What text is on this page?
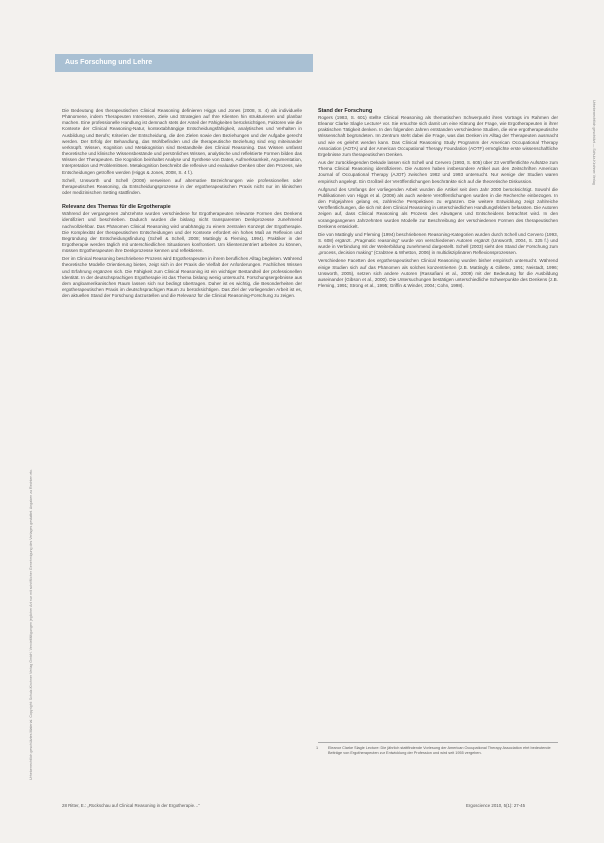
Urheberrechtlich geschütztes Material. Copyright: Schulz-Kirchner Verlag GmbH. Vervielfältigungen jeglicher Art nur mit schriftlicher Genehmigung des Verlages gestattet. Angaben zu Rechten etc.
Urheberrechtlich geschützt — Schulz-Kirchner Verlag
Aus Forschung und Lehre

Die Bedeutung des therapeutischen Clinical Reasoning definieren Higgs und Jones (2008, S. 4) als individuelle Phänomene, indem Therapeuten Interessen, Ziele und Strategien auf Ihre Klienten hin strukturieren und planbar machen. Eine professionelle Handlung ist demnach stets der Anteil der Fähigkeiten berücksichtigen, Faktoren wie die Kontexte der Clinical Reasoning-Natur, kontextabhängige Entscheidungsfähigkeit, analytisches und Verhalten in Ausbildung und Berufs; Kriterien der Entscheidung, die den Zielen sowie den Beziehungen und der Aufgabe gerecht werden. Der Erfolg der Behandlung, das Wohlbefinden und die therapeutische Beziehung sind eng miteinander verknüpft. Wissen, Kognition und Metakognition sind Bestandteile des Clinical Reasoning. Das Wissen umfasst theoretische und klinische Wissensbestände und persönliches Wissen, analytische und reflektierte Formen bilden das Wissen der Therapeuten. Die Kognition beinhaltet Analyse und Synthese von Daten, Aufmerksamkeit, Argumentation, Interpretation und Problemlösen. Metakognition beschreibt die reflexive und evaluative Denken über den Prozess, wie Entscheidungen getroffen werden (Higgs & Jones, 2008, S. 4 f.).

Schell, Unsworth und Schell (2008) verweisen auf alternative Bezeichnungen wie professionelles oder therapeutisches Reasoning, da Entscheidungsprozesse in der ergotherapeutischen Praxis nicht nur im klinischen oder medizinischen Setting stattfinden.

Relevanz des Themas für die Ergotherapie

Während der vergangenen Jahrzehnte wurden verschiedene für Ergotherapeuten relevante Formen des Denkens identifiziert und beschrieben. Dadurch wurden die bislang nicht transparenten Denkprozesse zunehmend nachvollziehbar. Das Phänomen Clinical Reasoning wird unabhängig zu einem zentralen Konzept der Ergotherapie. Die Komplexität der therapeutischen Entscheidungen und der Kontexte erfordert ein hohes Maß an Reflexion und Begründung der Entscheidungsfindung (Schell & Schell, 2008; Mattingly & Fleming, 1994). Praktiker in der Ergotherapie werden täglich mit unterschiedlichen Situationen konfrontiert. Um klientenzentriert arbeiten zu können, müssen Ergotherapeuten ihre Denkprozesse kennen und reflektieren.

Der im Clinical Reasoning beschriebene Prozess wird Ergotherapeuten in ihrem beruflichen Alltag begleiten. Während theoretische Modelle Orientierung bieten, zeigt sich in der Praxis die Vielfalt der Anforderungen. Fachliches Wissen und Erfahrung ergänzen sich. Die Fähigkeit zum Clinical Reasoning ist ein wichtiger Bestandteil der professionellen Identität. In der deutschsprachigen Ergotherapie ist das Thema bislang wenig untersucht. Forschungsergebnisse aus dem angloamerikanischen Raum lassen sich nur bedingt übertragen. Daher ist es wichtig, die Besonderheiten der ergotherapeutischen Praxis im deutschsprachigen Raum zu berücksichtigen. Das Ziel der vorliegenden Arbeit ist es, den aktuellen Stand der Forschung darzustellen und die Relevanz für die Clinical Reasoning-Forschung zu zeigen.

Stand der Forschung

Rogers (1983, S. 601) stellte Clinical Reasoning als thematischen Schwerpunkt ihres Vortrags im Rahmen der Eleanor Clarke Slagle Lecture¹ vor. Sie ersuchte sich damit um eine Klärung der Frage, wie Ergotherapeuten in ihrer praktischen Tätigkeit denken. In den folgenden Jahren entstanden verschiedene Studien, die eine ergotherapeutische Wissenschaft begründeten. Im Zentrum steht dabei die Frage, was das Denken im Alltag der Therapeuten ausmacht und wie es gelehrt werden kann. Das Clinical Reasoning Study Programm der American Occupational Therapy Association (AOTA) und der American Occupational Therapy Foundation (AOTF) ermöglichte erste wissenschaftliche Ergebnisse zum therapeutischen Denken.

Aus der zurückliegenden Dekade lassen sich Schell und Cervero (1993, S. 605) über 23 veröffentlichte Aufsätze zum Thema Clinical Reasoning identifizieren. Die Autoren haben insbesondere Artikel aus den Zeitschriften American Journal of Occupational Therapy (AJOT) zwischen 1982 und 1993 untersucht. Nur wenige der Studien waren empirisch angelegt. Ein Großteil der Veröffentlichungen beschränkte sich auf die theoretische Diskussion.

Aufgrund des Umfangs der vorliegenden Arbeit wurden die Artikel seit dem Jahr 2000 berücksichtigt. Sowohl die Publikationen von Higgs et al. (2008) als auch weitere Veröffentlichungen wurden in die Recherche einbezogen. In den Folgejahren gelang es, zahlreiche Perspektiven zu ergänzen. Die weitere Entwicklung zeigt zahlreiche Veröffentlichungen, die sich mit dem Clinical Reasoning in unterschiedlichen Handlungsfeldern befassten. Die Autoren zeigen auf, dass Clinical Reasoning als Prozess des Abwägens und Entscheidens betrachtet wird. In den vorangegangenen Jahrzehnten wurden Modelle zur Beschreibung der verschiedenen Formen des therapeutischen Denkens entwickelt.

Die von Mattingly und Fleming (1994) beschriebenen Reasoning-Kategorien wurden durch Schell und Cervero (1993, S. 608) ergänzt. „Pragmatic reasoning“ wurde von verschiedenen Autoren ergänzt (Unsworth, 2004, S. 325 f.) und wurde in Verbindung mit der Weiterbildung zunehmend dargestellt. Schell (2003) sieht den Stand der Forschung zum „process, decision making“ (Crabtree & Whetton, 2006) in multidisziplinären Reflexionsprozessen.

Verschiedene Facetten des ergotherapeutischen Clinical Reasoning wurden bisher empirisch untersucht. Während einige Studien sich auf das Phänomen als solches konzentrierten (z.B. Mattingly & Gillette, 1991; Neistadt, 1996; Unsworth, 2005), setzen sich andere Autoren (Rassafiani et al., 2009) mit der Bedeutung für die Ausbildung auseinander (Gibson et al., 2000). Die Untersuchungen bestätigen unterschiedliche Schwerpunkte des Denkens (z.B. Fleming, 1991; Strong et al., 1995; Griffin & Winder, 2004; Cohn, 1998).

1	Eleanor Clarke Slagle Lecture: Die jährlich stattfindende Vorlesung der American Occupational Therapy Association ehrt bedeutende Beiträge von Ergotherapeuten zur Entwicklung der Profession und wird seit 1955 vergeben.
28 Ritter, E.: „Rückschau auf Clinical Reasoning in der Ergotherapie…“	Ergoscience 2010, 5(1): 27-45
